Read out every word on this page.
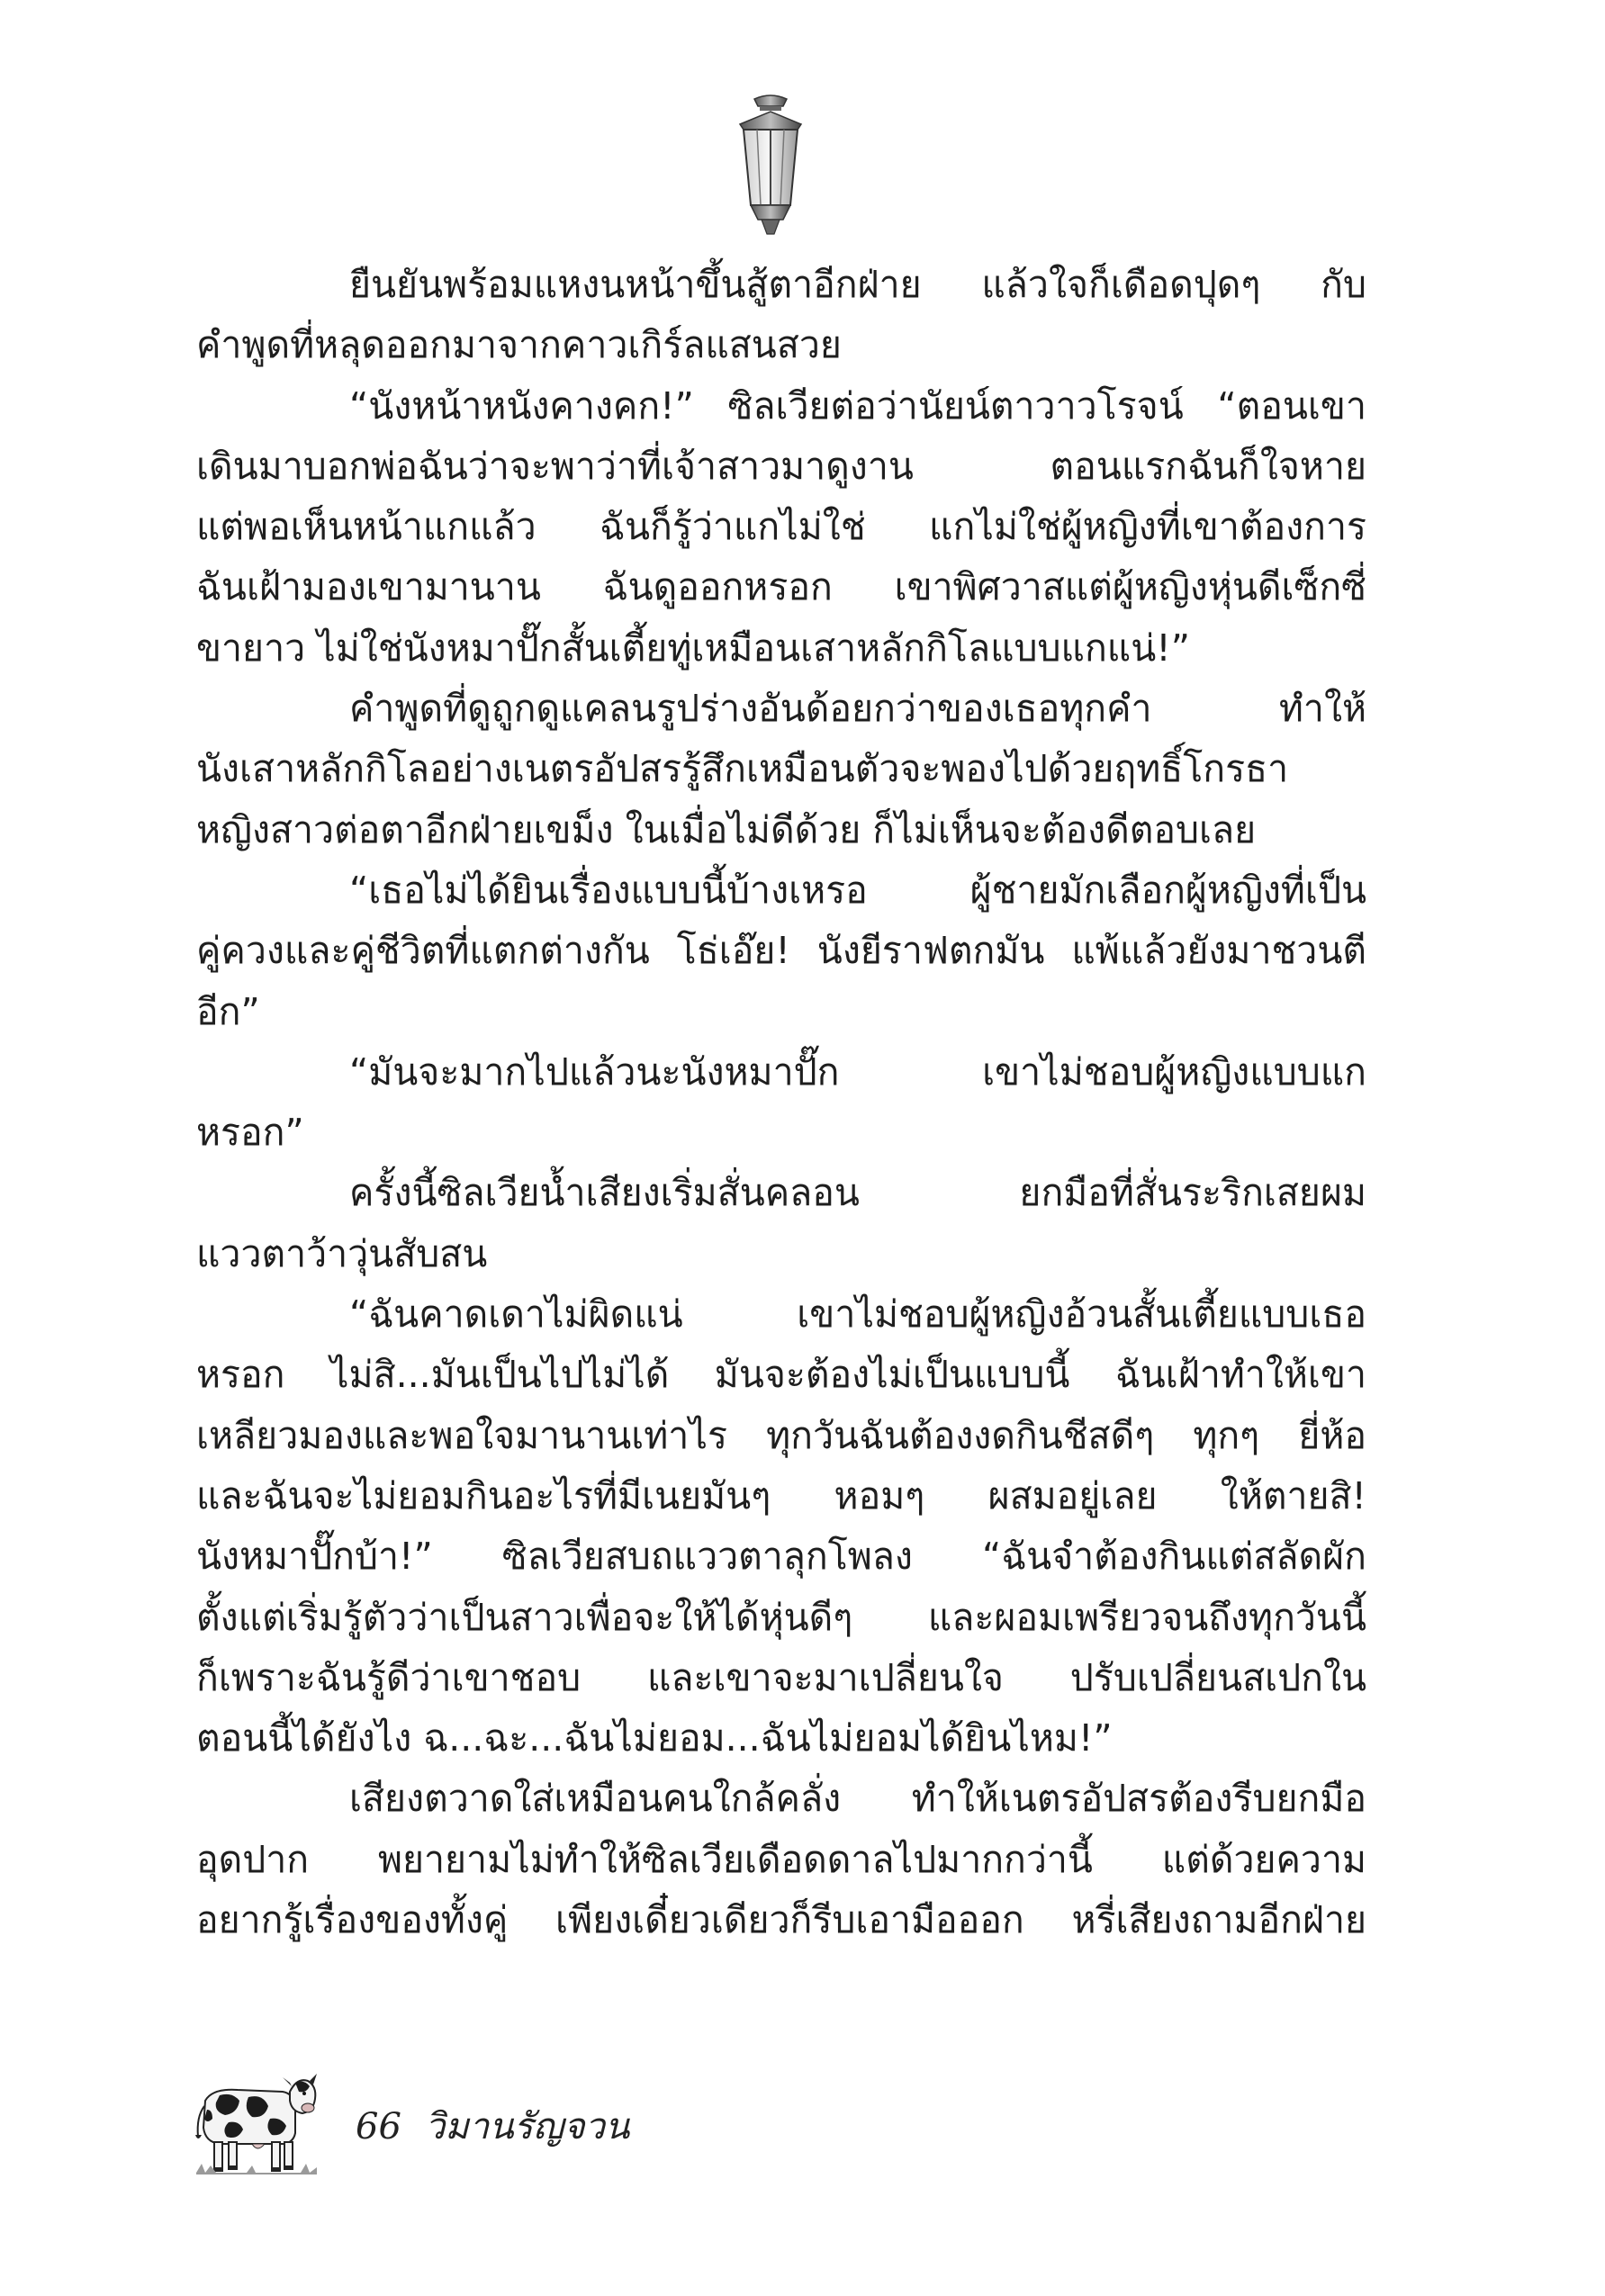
ยืนยันพร้อมแหงนหน้าขึ้นสู้ตาอีกฝ่าย แล้วใจก็เดือดปุดๆ กับ
คำพูดที่หลุดออกมาจากคาวเกิร์ลแสนสวย
“นังหน้าหนังคางคก!” ซิลเวียต่อว่านัยน์ตาวาวโรจน์ “ตอนเขา
เดินมาบอกพ่อฉันว่าจะพาว่าที่เจ้าสาวมาดูงาน ตอนแรกฉันก็ใจหาย
แต่พอเห็นหน้าแกแล้ว ฉันก็รู้ว่าแกไม่ใช่ แกไม่ใช่ผู้หญิงที่เขาต้องการ
ฉันเฝ้ามองเขามานาน ฉันดูออกหรอก เขาพิศวาสแต่ผู้หญิงหุ่นดีเซ็กซี่
ขายาว ไม่ใช่นังหมาปั๊กสั้นเตี้ยทู่เหมือนเสาหลักกิโลแบบแกแน่!”
คำพูดที่ดูถูกดูแคลนรูปร่างอันด้อยกว่าของเธอทุกคำ ทำให้
นังเสาหลักกิโลอย่างเนตรอัปสรรู้สึกเหมือนตัวจะพองไปด้วยฤทธิ์โกรธา
หญิงสาวต่อตาอีกฝ่ายเขม็ง ในเมื่อไม่ดีด้วย ก็ไม่เห็นจะต้องดีตอบเลย
“เธอไม่ได้ยินเรื่องแบบนี้บ้างเหรอ ผู้ชายมักเลือกผู้หญิงที่เป็น
คู่ควงและคู่ชีวิตที่แตกต่างกัน โธ่เอ๊ย! นังยีราฟตกมัน แพ้แล้วยังมาชวนตี
อีก”
“มันจะมากไปแล้วนะนังหมาปั๊ก เขาไม่ชอบผู้หญิงแบบแก
หรอก”
ครั้งนี้ซิลเวียน้ำเสียงเริ่มสั่นคลอน ยกมือที่สั่นระริกเสยผม
แววตาว้าวุ่นสับสน
“ฉันคาดเดาไม่ผิดแน่ เขาไม่ชอบผู้หญิงอ้วนสั้นเตี้ยแบบเธอ
หรอก ไม่สิ...มันเป็นไปไม่ได้ มันจะต้องไม่เป็นแบบนี้ ฉันเฝ้าทำให้เขา
เหลียวมองและพอใจมานานเท่าไร ทุกวันฉันต้องงดกินชีสดีๆ ทุกๆ ยี่ห้อ
และฉันจะไม่ยอมกินอะไรที่มีเนยมันๆ หอมๆ ผสมอยู่เลย ให้ตายสิ!
นังหมาปั๊กบ้า!” ซิลเวียสบถแววตาลุกโพลง “ฉันจำต้องกินแต่สลัดผัก
ตั้งแต่เริ่มรู้ตัวว่าเป็นสาวเพื่อจะให้ได้หุ่นดีๆ และผอมเพรียวจนถึงทุกวันนี้
ก็เพราะฉันรู้ดีว่าเขาชอบ และเขาจะมาเปลี่ยนใจ ปรับเปลี่ยนสเปกใน
ตอนนี้ได้ยังไง ฉ...ฉะ...ฉันไม่ยอม...ฉันไม่ยอมได้ยินไหม!”
เสียงตวาดใส่เหมือนคนใกล้คลั่ง ทำให้เนตรอัปสรต้องรีบยกมือ
อุดปาก พยายามไม่ทำให้ซิลเวียเดือดดาลไปมากกว่านี้ แต่ด้วยความ
อยากรู้เรื่องของทั้งคู่ เพียงเดี๋ยวเดียวก็รีบเอามือออก หรี่เสียงถามอีกฝ่าย
66 วิมานรัญจวน
